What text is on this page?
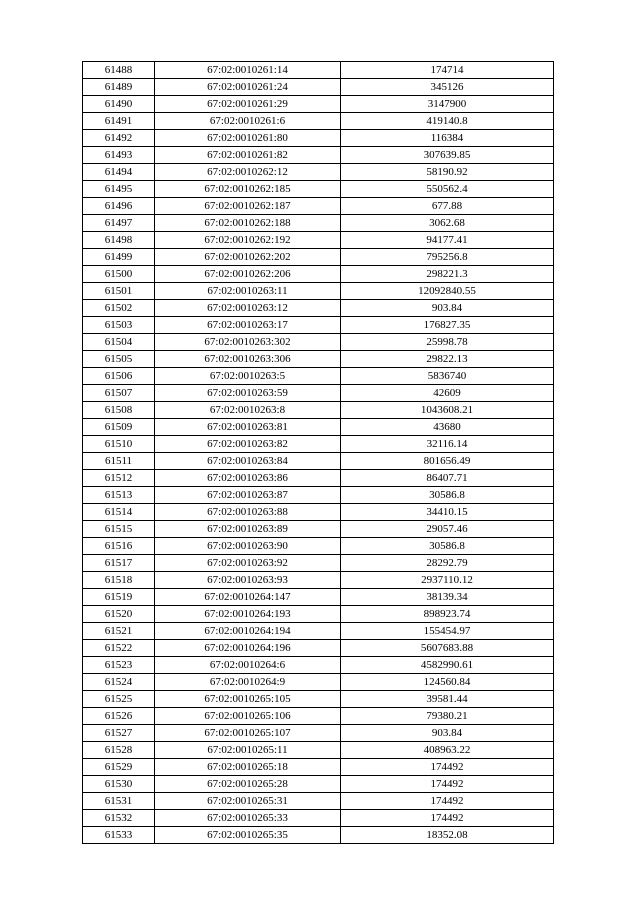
61488	67:02:0010261:14	174714
61489	67:02:0010261:24	345126
61490	67:02:0010261:29	3147900
61491	67:02:0010261:6	419140.8
61492	67:02:0010261:80	116384
61493	67:02:0010261:82	307639.85
61494	67:02:0010262:12	58190.92
61495	67:02:0010262:185	550562.4
61496	67:02:0010262:187	677.88
61497	67:02:0010262:188	3062.68
61498	67:02:0010262:192	94177.41
61499	67:02:0010262:202	795256.8
61500	67:02:0010262:206	298221.3
61501	67:02:0010263:11	12092840.55
61502	67:02:0010263:12	903.84
61503	67:02:0010263:17	176827.35
61504	67:02:0010263:302	25998.78
61505	67:02:0010263:306	29822.13
61506	67:02:0010263:5	5836740
61507	67:02:0010263:59	42609
61508	67:02:0010263:8	1043608.21
61509	67:02:0010263:81	43680
61510	67:02:0010263:82	32116.14
61511	67:02:0010263:84	801656.49
61512	67:02:0010263:86	86407.71
61513	67:02:0010263:87	30586.8
61514	67:02:0010263:88	34410.15
61515	67:02:0010263:89	29057.46
61516	67:02:0010263:90	30586.8
61517	67:02:0010263:92	28292.79
61518	67:02:0010263:93	2937110.12
61519	67:02:0010264:147	38139.34
61520	67:02:0010264:193	898923.74
61521	67:02:0010264:194	155454.97
61522	67:02:0010264:196	5607683.88
61523	67:02:0010264:6	4582990.61
61524	67:02:0010264:9	124560.84
61525	67:02:0010265:105	39581.44
61526	67:02:0010265:106	79380.21
61527	67:02:0010265:107	903.84
61528	67:02:0010265:11	408963.22
61529	67:02:0010265:18	174492
61530	67:02:0010265:28	174492
61531	67:02:0010265:31	174492
61532	67:02:0010265:33	174492
61533	67:02:0010265:35	18352.08
